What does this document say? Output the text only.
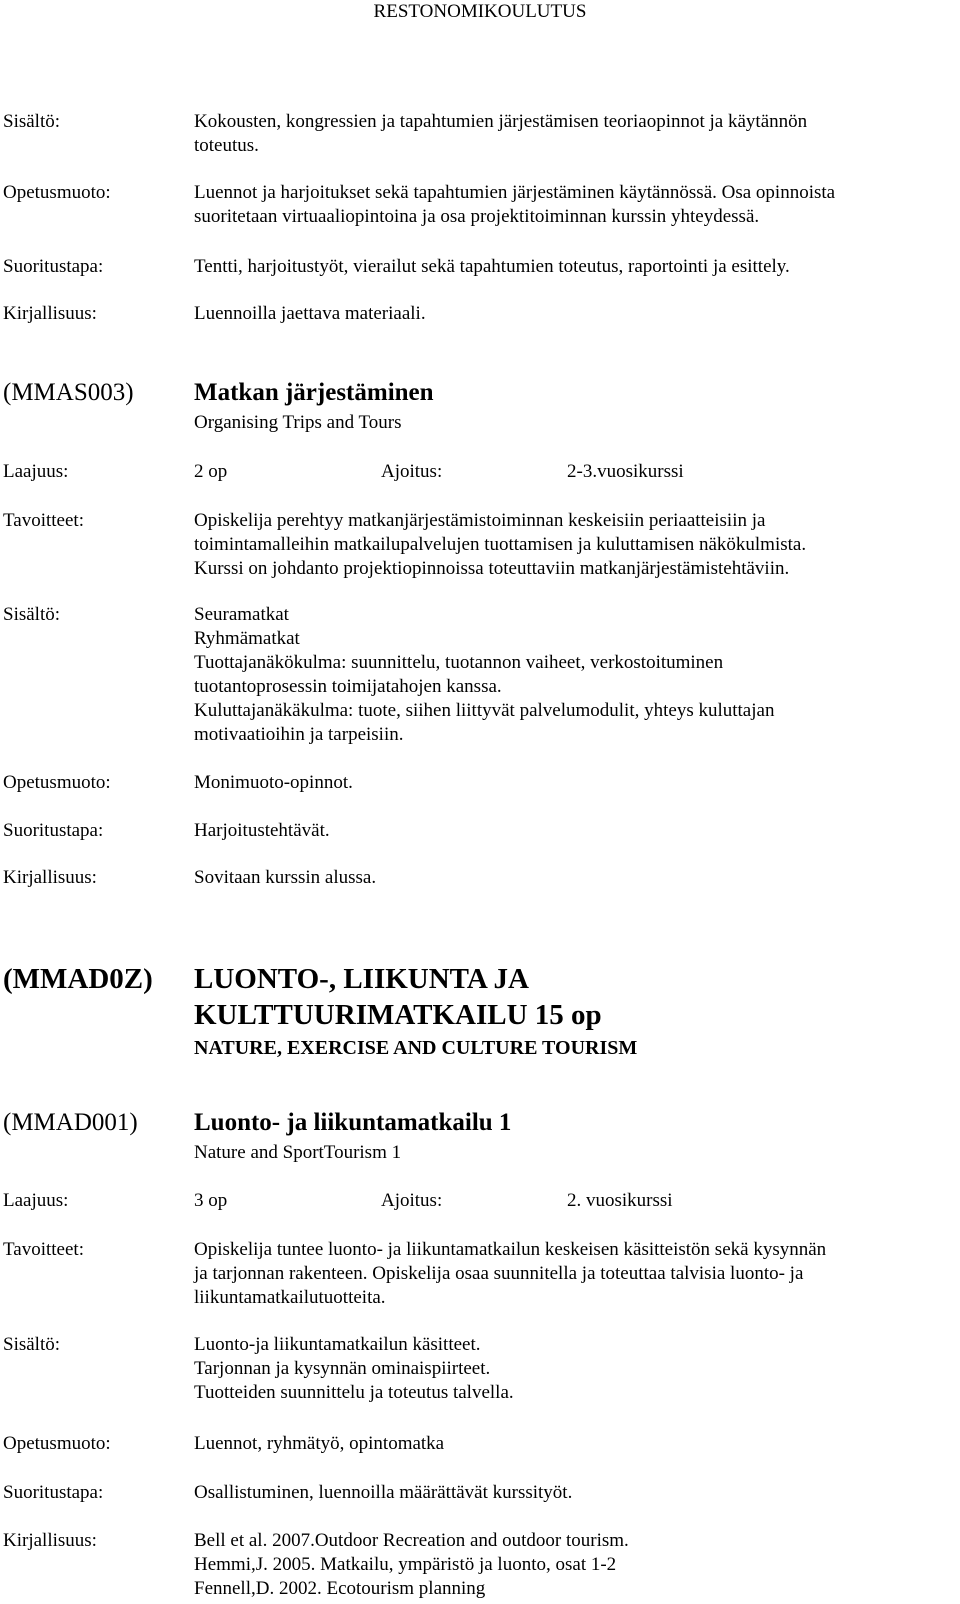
RESTONOMIKOULUTUS
Sisältö:	Kokousten, kongressien ja tapahtumien järjestämisen teoriaopinnot ja käytännön
toteutus.
Opetusmuoto:	Luennot ja harjoitukset sekä tapahtumien järjestäminen käytännössä. Osa opinnoista
suoritetaan virtuaaliopintoina ja osa projektitoiminnan kurssin yhteydessä.
Suoritustapa:	Tentti, harjoitustyöt, vierailut sekä tapahtumien toteutus, raportointi ja esittely.
Kirjallisuus:	Luennoilla jaettava materiaali.
(MMAS003) Matkan järjestäminen
Organising Trips and Tours
Laajuus:	2 op	Ajoitus:	2-3.vuosikurssi
Tavoitteet:	Opiskelija perehtyy matkanjärjestämistoiminnan keskeisiin periaatteisiin ja
toimintamalleihin matkailupalvelujen tuottamisen ja kuluttamisen näkökulmista.
Kurssi on johdanto projektiopinnoissa toteuttaviin matkanjärjestämistehtäviin.
Sisältö:	Seuramatkat
Ryhmämatkat
Tuottajanäkökulma: suunnittelu, tuotannon vaiheet, verkostoituminen
tuotantoprosessin toimijatahojen kanssa.
Kuluttajanäkäkulma: tuote, siihen liittyvät palvelumodulit, yhteys kuluttajan
motivaatioihin ja tarpeisiin.
Opetusmuoto:	Monimuoto-opinnot.
Suoritustapa:	Harjoitustehtävät.
Kirjallisuus:	Sovitaan kurssin alussa.
(MMAD0Z) LUONTO-, LIIKUNTA JA
KULTTUURIMATKAILU 15 op
NATURE, EXERCISE AND CULTURE TOURISM
(MMAD001) Luonto- ja liikuntamatkailu 1
Nature and SportTourism 1
Laajuus:	3 op	Ajoitus:	2. vuosikurssi
Tavoitteet:	Opiskelija tuntee luonto- ja liikuntamatkailun keskeisen käsitteistön sekä kysynnän
ja tarjonnan rakenteen. Opiskelija osaa suunnitella ja toteuttaa talvisia luonto- ja
liikuntamatkailutuotteita.
Sisältö:	Luonto-ja liikuntamatkailun käsitteet.
Tarjonnan ja kysynnän ominaispiirteet.
Tuotteiden suunnittelu ja toteutus talvella.
Opetusmuoto:	Luennot, ryhmätyö, opintomatka
Suoritustapa:	Osallistuminen, luennoilla määrättävät kurssityöt.
Kirjallisuus:	Bell et al. 2007.Outdoor Recreation and outdoor tourism.
Hemmi,J. 2005. Matkailu, ympäristö ja luonto, osat 1-2
Fennell,D. 2002. Ecotourism planning
